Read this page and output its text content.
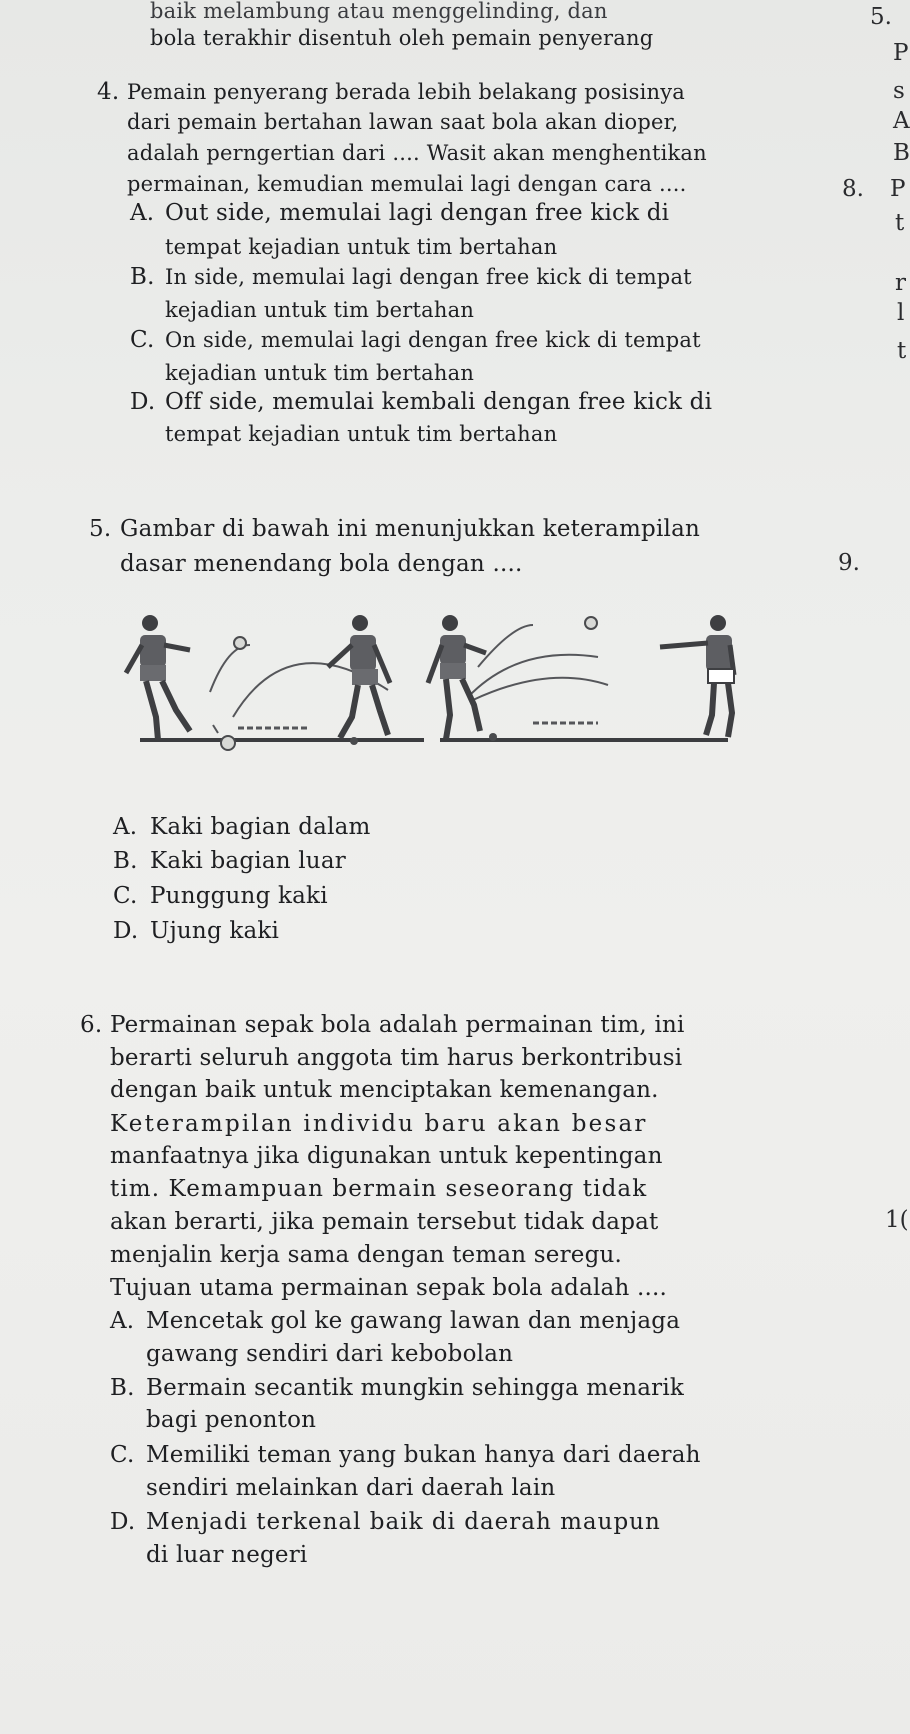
baik melambung atau menggelinding, dan
bola terakhir disentuh oleh pemain penyerang
4. Pemain penyerang berada lebih belakang posisinya
dari pemain bertahan lawan saat bola akan dioper,
adalah perngertian dari .... Wasit akan menghentikan
permainan, kemudian memulai lagi dengan cara ....
A. Out side, memulai lagi dengan free kick di
tempat kejadian untuk tim bertahan
B. In side, memulai lagi dengan free kick di tempat
kejadian untuk tim bertahan
C. On side, memulai lagi dengan free kick di tempat
kejadian untuk tim bertahan
D. Off side, memulai kembali dengan free kick di
tempat kejadian untuk tim bertahan
5. Gambar di bawah ini menunjukkan keterampilan
dasar menendang bola dengan ....
A. Kaki bagian dalam
B. Kaki bagian luar
C. Punggung kaki
D. Ujung kaki
6. Permainan sepak bola adalah permainan tim, ini
berarti seluruh anggota tim harus berkontribusi
dengan baik untuk menciptakan kemenangan.
Keterampilan individu baru akan besar
manfaatnya jika digunakan untuk kepentingan
tim. Kemampuan bermain seseorang tidak
akan berarti, jika pemain tersebut tidak dapat
menjalin kerja sama dengan teman seregu.
Tujuan utama permainan sepak bola adalah ....
A. Mencetak gol ke gawang lawan dan menjaga
gawang sendiri dari kebobolan
B. Bermain secantik mungkin sehingga menarik
bagi penonton
C. Memiliki teman yang bukan hanya dari daerah
sendiri melainkan dari daerah lain
D. Menjadi terkenal baik di daerah maupun
di luar negeri
5.
P
s
A
B
8. P
t
r
l
t
9.
1(
